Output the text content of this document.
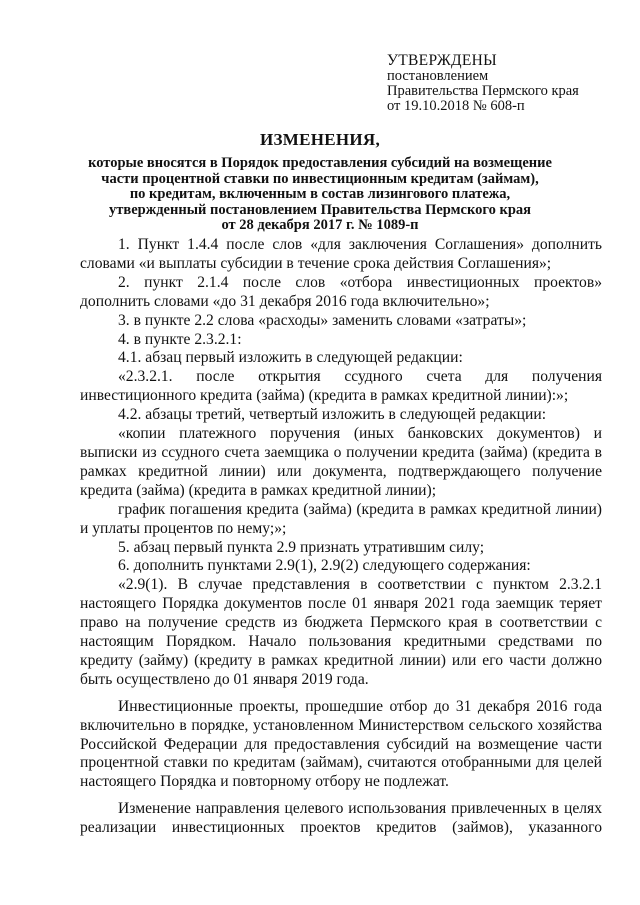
УТВЕРЖДЕНЫ
постановлением
Правительства Пермского края
от 19.10.2018 № 608-п
ИЗМЕНЕНИЯ,
которые вносятся в Порядок предоставления субсидий на возмещение
части процентной ставки по инвестиционным кредитам (займам),
по кредитам, включенным в состав лизингового платежа,
утвержденный постановлением Правительства Пермского края
от 28 декабря 2017 г. № 1089-п

1. Пункт 1.4.4 после слов «для заключения Соглашения» дополнить словами «и выплаты субсидии в течение срока действия Соглашения»;

2. пункт 2.1.4 после слов «отбора инвестиционных проектов» дополнить словами «до 31 декабря 2016 года включительно»;

3. в пункте 2.2 слова «расходы» заменить словами «затраты»;

4. в пункте 2.3.2.1:

4.1. абзац первый изложить в следующей редакции:

«2.3.2.1. после открытия ссудного счета для получения инвестиционного кредита (займа) (кредита в рамках кредитной линии):»;

4.2. абзацы третий, четвертый изложить в следующей редакции:

«копии платежного поручения (иных банковских документов) и выписки из ссудного счета заемщика о получении кредита (займа) (кредита в рамках кредитной линии) или документа, подтверждающего получение кредита (займа) (кредита в рамках кредитной линии);

график погашения кредита (займа) (кредита в рамках кредитной линии) и уплаты процентов по нему;»;

5. абзац первый пункта 2.9 признать утратившим силу;

6. дополнить пунктами 2.9(1), 2.9(2) следующего содержания:

«2.9(1). В случае представления в соответствии с пунктом 2.3.2.1 настоящего Порядка документов после 01 января 2021 года заемщик теряет право на получение средств из бюджета Пермского края в соответствии с настоящим Порядком. Начало пользования кредитными средствами по кредиту (займу) (кредиту в рамках кредитной линии) или его части должно быть осуществлено до 01 января 2019 года.

Инвестиционные проекты, прошедшие отбор до 31 декабря 2016 года включительно в порядке, установленном Министерством сельского хозяйства Российской Федерации для предоставления субсидий на возмещение части процентной ставки по кредитам (займам), считаются отобранными для целей настоящего Порядка и повторному отбору не подлежат.

Изменение направления целевого использования привлеченных в целях реализации инвестиционных проектов кредитов (займов), указанного
